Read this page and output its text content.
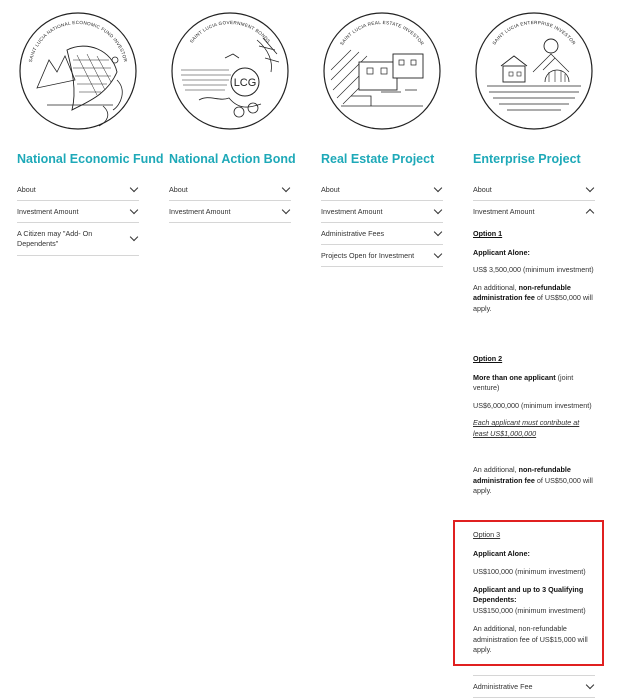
SAINT LUCIA NATIONAL ECONOMIC FUND INVESTOR
National Economic Fund
About
Investment Amount
A Citizen may "Add- On Dependents"
SAINT LUCIA GOVERNMENT BONDS
LCG
National Action Bond
About
Investment Amount
SAINT LUCIA REAL ESTATE INVESTOR
Real Estate Project
About
Investment Amount
Administrative Fees
Projects Open for Investment
SAINT LUCIA ENTERPRISE INVESTOR
Enterprise Project
About
Investment Amount

Option 1

Applicant Alone:

US$ 3,500,000 (minimum investment)

An additional, non-refundable administration fee of US$50,000 will apply.

Option 2

More than one applicant (joint venture)

US$6,000,000 (minimum investment)

Each applicant must contribute at least US$1,000,000

An additional, non-refundable administration fee of US$50,000 will apply.

Option 3

Applicant Alone:

US$100,000 (minimum investment)

Applicant and up to 3 Qualifying Dependents:

US$150,000 (minimum investment)

An additional, non-refundable administration fee of US$15,000 will apply.

Administrative Fee
